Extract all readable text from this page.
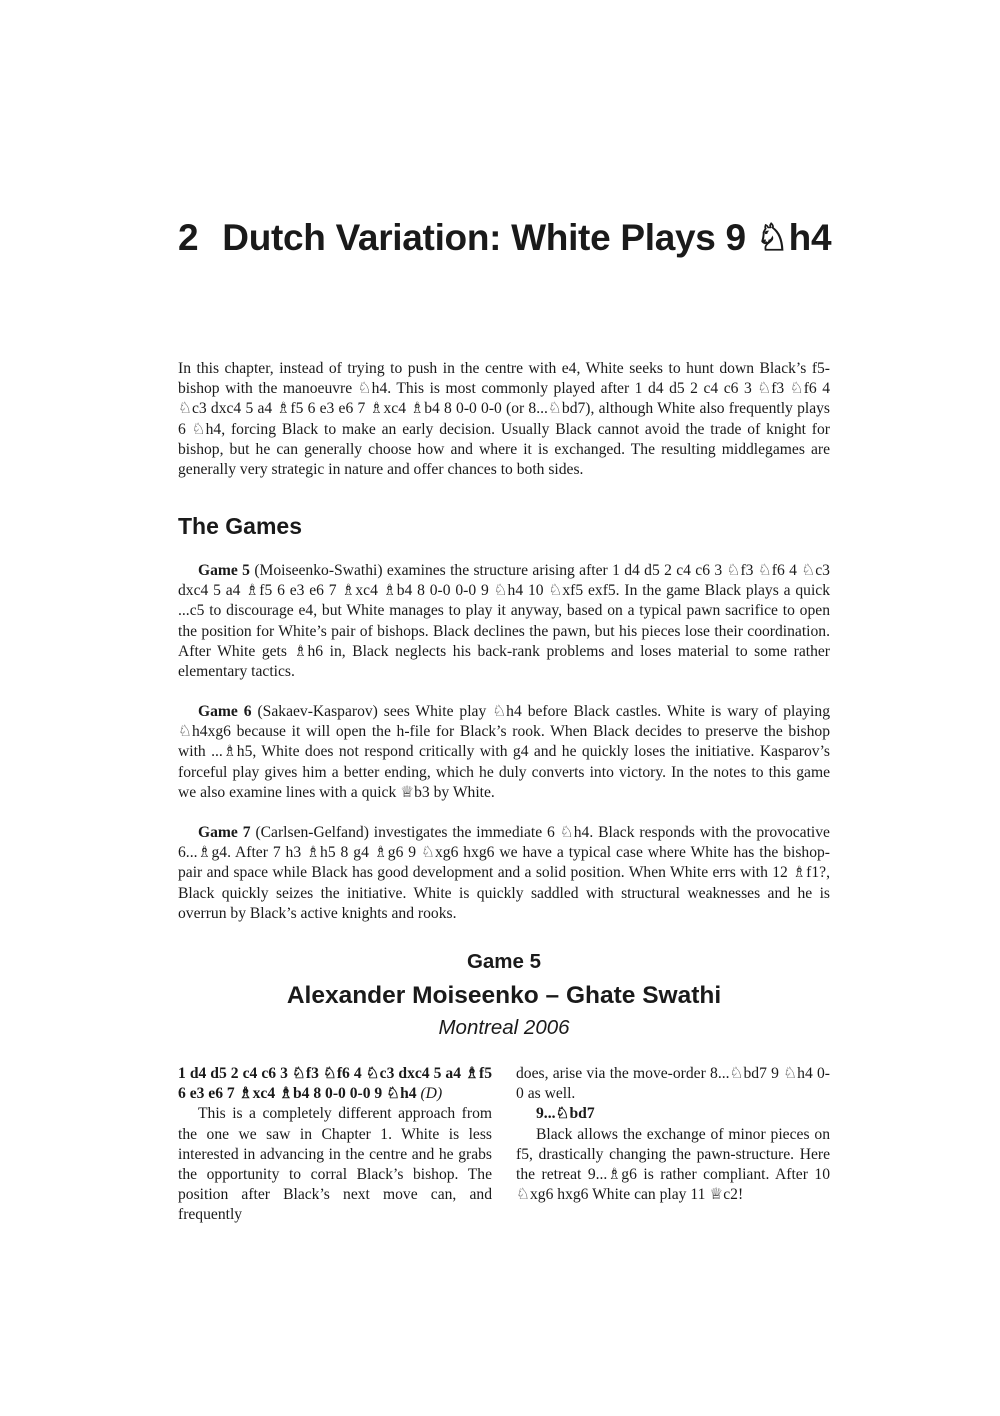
2 Dutch Variation: White Plays 9 ♘h4

In this chapter, instead of trying to push in the centre with e4, White seeks to hunt down Black’s f5-bishop with the manoeuvre ♘h4. This is most commonly played after 1 d4 d5 2 c4 c6 3 ♘f3 ♘f6 4 ♘c3 dxc4 5 a4 ♗f5 6 e3 e6 7 ♗xc4 ♗b4 8 0-0 0-0 (or 8...♘bd7), although White also frequently plays 6 ♘h4, forcing Black to make an early decision. Usually Black cannot avoid the trade of knight for bishop, but he can generally choose how and where it is exchanged. The resulting middlegames are generally very strategic in nature and offer chances to both sides.

The Games

Game 5 (Moiseenko-Swathi) examines the structure arising after 1 d4 d5 2 c4 c6 3 ♘f3 ♘f6 4 ♘c3 dxc4 5 a4 ♗f5 6 e3 e6 7 ♗xc4 ♗b4 8 0-0 0-0 9 ♘h4 10 ♘xf5 exf5. In the game Black plays a quick ...c5 to discourage e4, but White manages to play it anyway, based on a typical pawn sacrifice to open the position for White’s pair of bishops. Black declines the pawn, but his pieces lose their coordination. After White gets ♗h6 in, Black neglects his back-rank problems and loses material to some rather elementary tactics.

Game 6 (Sakaev-Kasparov) sees White play ♘h4 before Black castles. White is wary of playing ♘h4xg6 because it will open the h-file for Black’s rook. When Black decides to preserve the bishop with ...♗h5, White does not respond critically with g4 and he quickly loses the initiative. Kasparov’s forceful play gives him a better ending, which he duly converts into victory. In the notes to this game we also examine lines with a quick ♕b3 by White.

Game 7 (Carlsen-Gelfand) investigates the immediate 6 ♘h4. Black responds with the provocative 6...♗g4. After 7 h3 ♗h5 8 g4 ♗g6 9 ♘xg6 hxg6 we have a typical case where White has the bishop-pair and space while Black has good development and a solid position. When White errs with 12 ♗f1?, Black quickly seizes the initiative. White is quickly saddled with structural weaknesses and he is overrun by Black’s active knights and rooks.

Game 5
Alexander Moiseenko – Ghate Swathi
Montreal 2006

1 d4 d5 2 c4 c6 3 ♘f3 ♘f6 4 ♘c3 dxc4 5 a4 ♗f5 6 e3 e6 7 ♗xc4 ♗b4 8 0-0 0-0 9 ♘h4 (D)

This is a completely different approach from the one we saw in Chapter 1. White is less interested in advancing in the centre and he grabs the opportunity to corral Black’s bishop. The position after Black’s next move can, and frequently

does, arise via the move-order 8...♘bd7 9 ♘h4 0-0 as well.

9...♘bd7

Black allows the exchange of minor pieces on f5, drastically changing the pawn-structure. Here the retreat 9...♗g6 is rather compliant. After 10 ♘xg6 hxg6 White can play 11 ♕c2!
